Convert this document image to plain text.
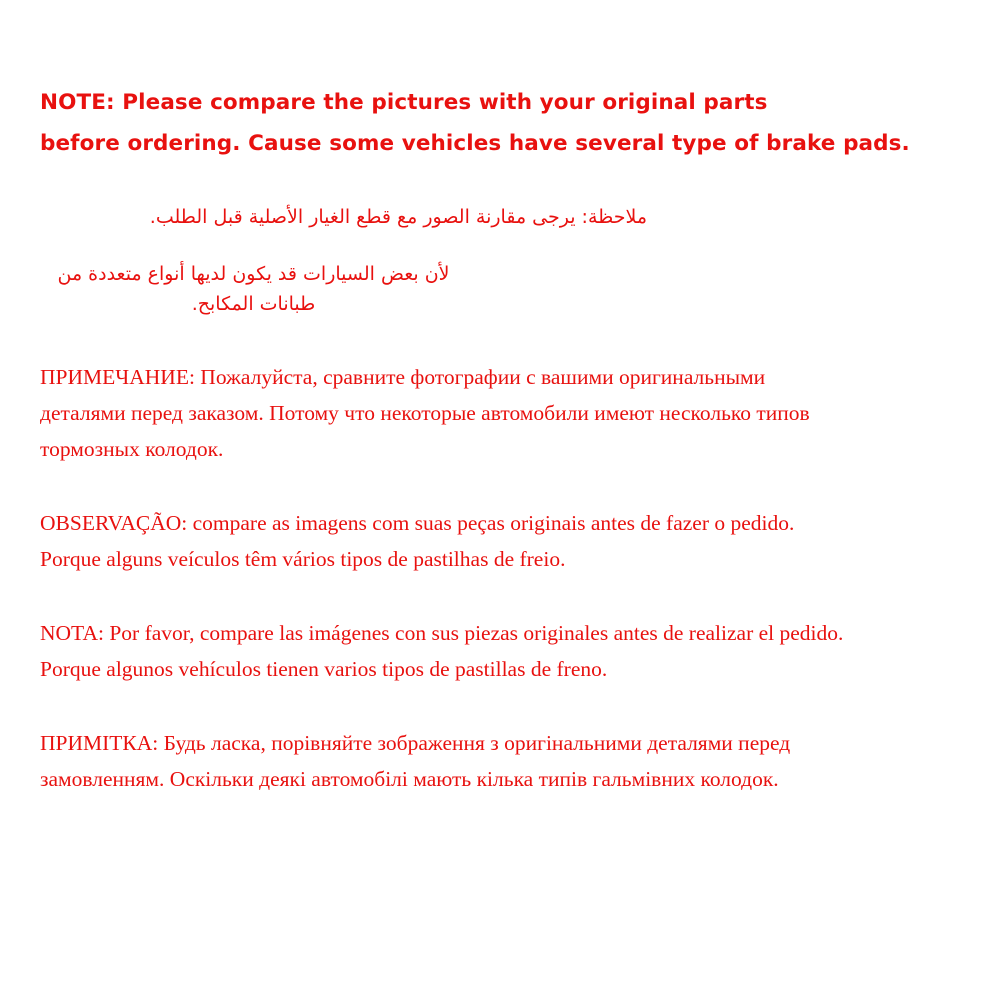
NOTE: Please compare the pictures with your original parts
before ordering. Cause some vehicles have several type of brake pads.
ملاحظة: يرجى مقارنة الصور مع قطع الغيار الأصلية قبل الطلب.
لأن بعض السيارات قد يكون لديها أنواع متعددة من طبانات المكابح.

ПРИМЕЧАНИЕ: Пожалуйста, сравните фотографии с вашими оригинальными

деталями перед заказом. Потому что некоторые автомобили имеют несколько типов

тормозных колодок.

OBSERVAÇÃO: compare as imagens com suas peças originais antes de fazer o pedido.

Porque alguns veículos têm vários tipos de pastilhas de freio.

NOTA: Por favor, compare las imágenes con sus piezas originales antes de realizar el pedido.

Porque algunos vehículos tienen varios tipos de pastillas de freno.

ПРИМІТКА: Будь ласка, порівняйте зображення з оригінальними деталями перед

замовленням. Оскільки деякі автомобілі мають кілька типів гальмівних колодок.
